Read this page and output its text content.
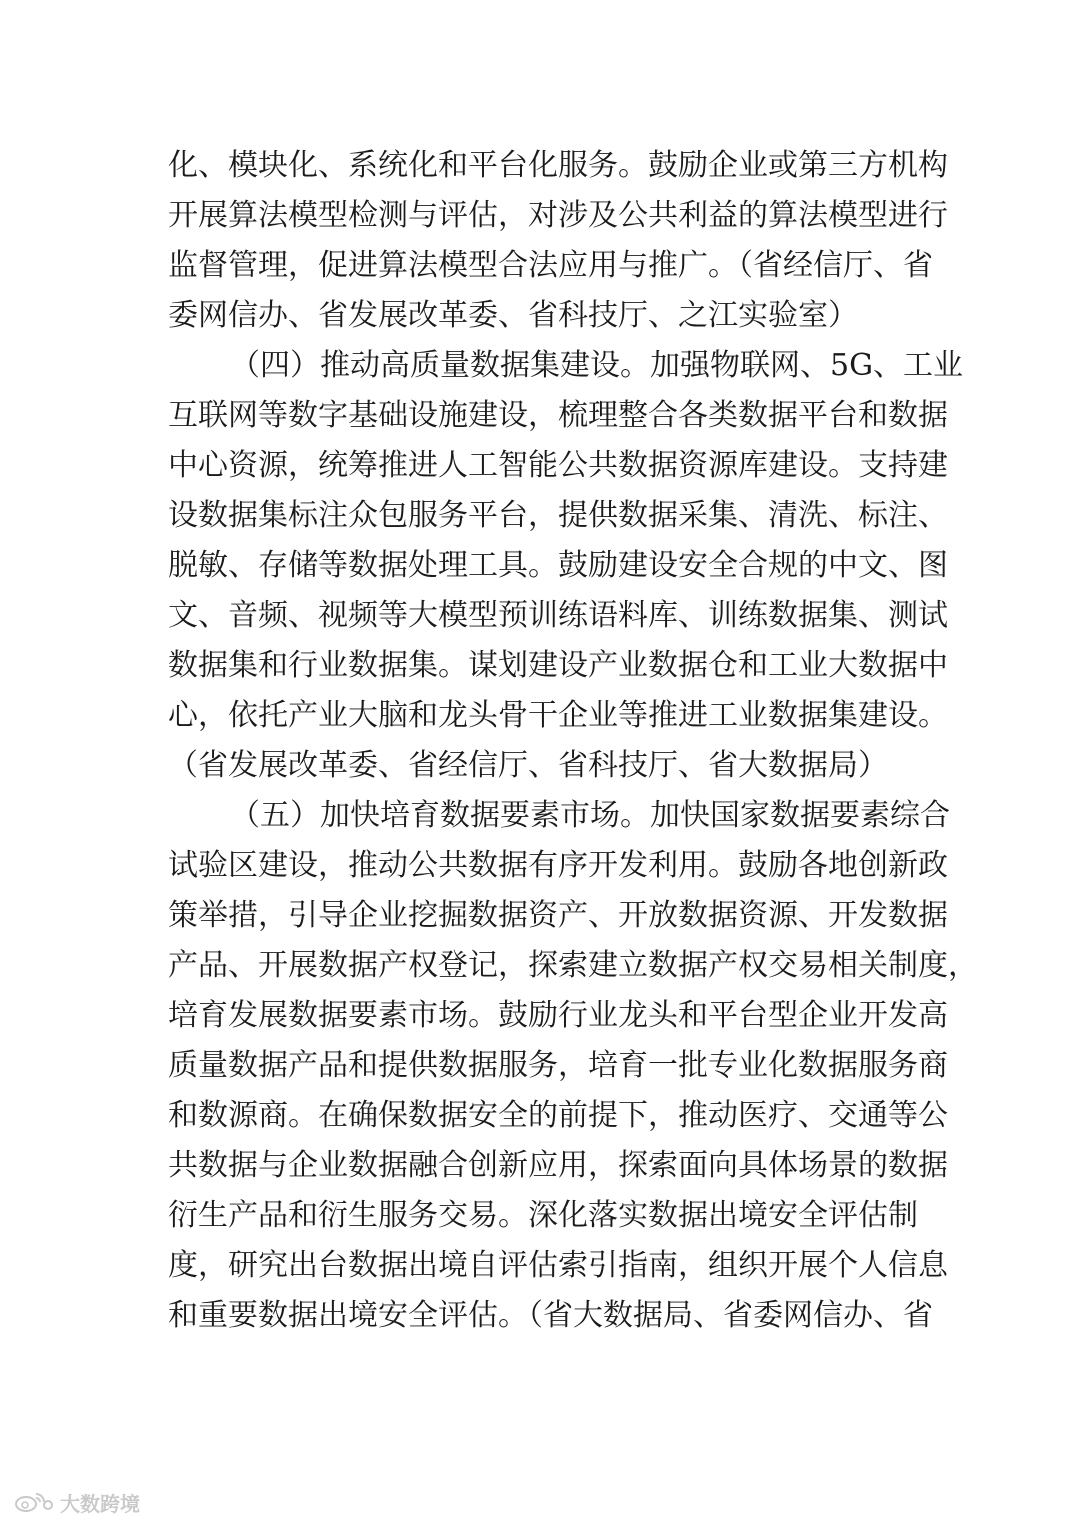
化、模块化、系统化和平台化服务。鼓励企业或第三方机构
开展算法模型检测与评估，对涉及公共利益的算法模型进行
监督管理，促进算法模型合法应用与推广。（省经信厅、省
委网信办、省发展改革委、省科技厅、之江实验室）
（四）推动高质量数据集建设。加强物联网、5G、工业
互联网等数字基础设施建设，梳理整合各类数据平台和数据
中心资源，统筹推进人工智能公共数据资源库建设。支持建
设数据集标注众包服务平台，提供数据采集、清洗、标注、
脱敏、存储等数据处理工具。鼓励建设安全合规的中文、图
文、音频、视频等大模型预训练语料库、训练数据集、测试
数据集和行业数据集。谋划建设产业数据仓和工业大数据中
心，依托产业大脑和龙头骨干企业等推进工业数据集建设。
（省发展改革委、省经信厅、省科技厅、省大数据局）
（五）加快培育数据要素市场。加快国家数据要素综合
试验区建设，推动公共数据有序开发利用。鼓励各地创新政
策举措，引导企业挖掘数据资产、开放数据资源、开发数据
产品、开展数据产权登记，探索建立数据产权交易相关制度，
培育发展数据要素市场。鼓励行业龙头和平台型企业开发高
质量数据产品和提供数据服务，培育一批专业化数据服务商
和数源商。在确保数据安全的前提下，推动医疗、交通等公
共数据与企业数据融合创新应用，探索面向具体场景的数据
衍生产品和衍生服务交易。深化落实数据出境安全评估制
度，研究出台数据出境自评估索引指南，组织开展个人信息
和重要数据出境安全评估。（省大数据局、省委网信办、省
大数跨境
